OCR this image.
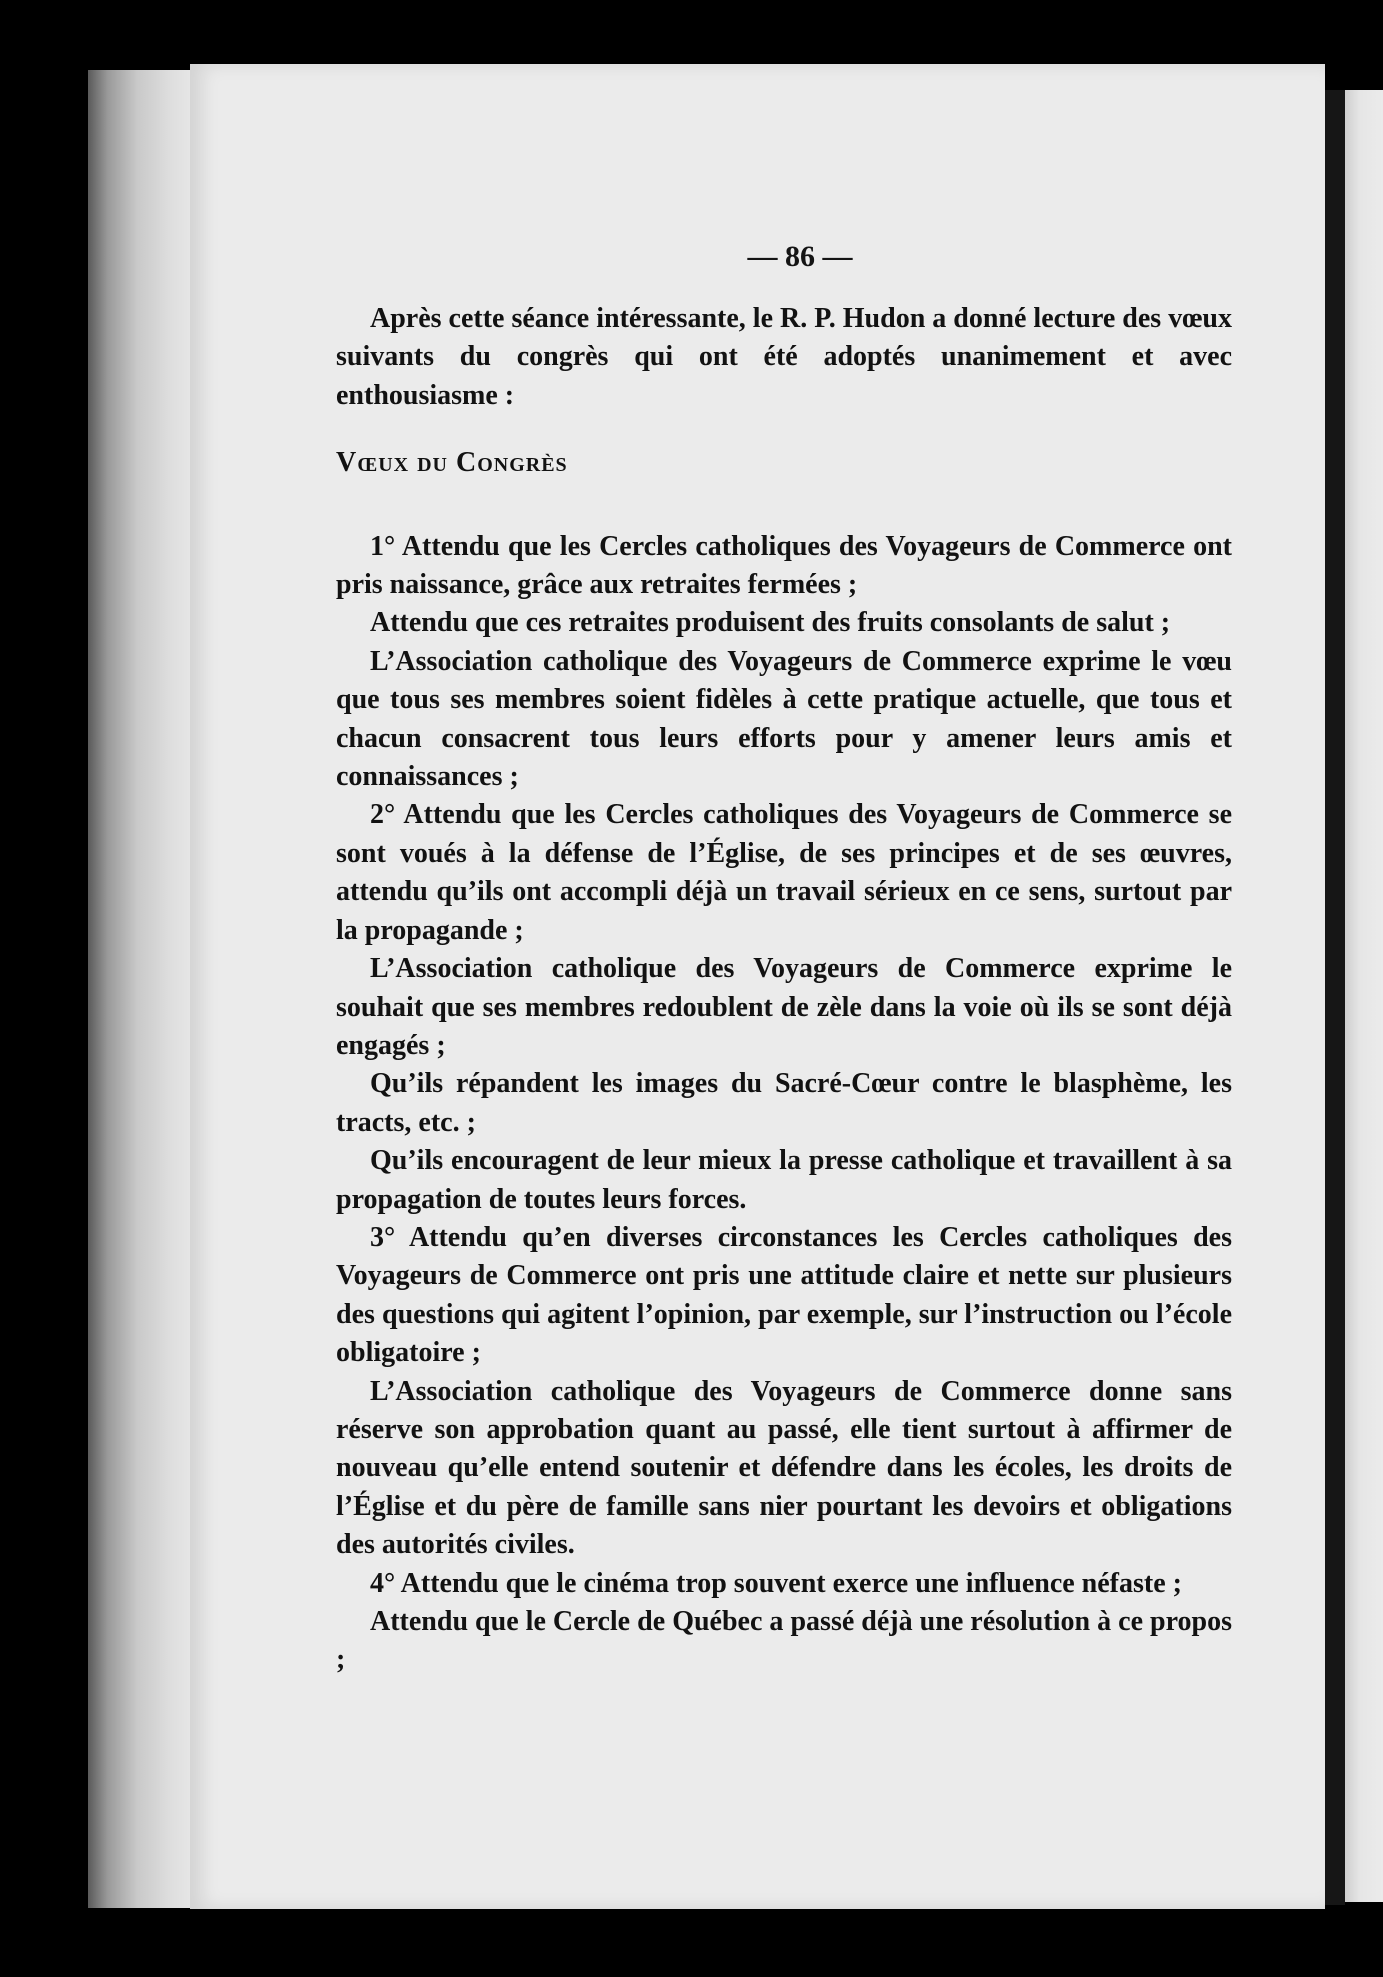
— 86 —

Après cette séance intéressante, le R. P. Hudon a donné lecture des vœux suivants du congrès qui ont été adoptés unanimement et avec enthousiasme :

Vœux du Congrès

1° Attendu que les Cercles catholiques des Voyageurs de Commerce ont pris naissance, grâce aux retraites fermées ;

Attendu que ces retraites produisent des fruits consolants de salut ;

L’Association catholique des Voyageurs de Commerce exprime le vœu que tous ses membres soient fidèles à cette pratique actuelle, que tous et chacun consacrent tous leurs efforts pour y amener leurs amis et connaissances ;

2° Attendu que les Cercles catholiques des Voyageurs de Commerce se sont voués à la défense de l’Église, de ses principes et de ses œuvres, attendu qu’ils ont accompli déjà un travail sérieux en ce sens, surtout par la propagande ;

L’Association catholique des Voyageurs de Commerce exprime le souhait que ses membres redoublent de zèle dans la voie où ils se sont déjà engagés ;

Qu’ils répandent les images du Sacré-Cœur contre le blasphème, les tracts, etc. ;

Qu’ils encouragent de leur mieux la presse catholique et travaillent à sa propagation de toutes leurs forces.

3° Attendu qu’en diverses circonstances les Cercles catholiques des Voyageurs de Commerce ont pris une attitude claire et nette sur plusieurs des questions qui agitent l’opinion, par exemple, sur l’instruction ou l’école obligatoire ;

L’Association catholique des Voyageurs de Commerce donne sans réserve son approbation quant au passé, elle tient surtout à affirmer de nouveau qu’elle entend soutenir et défendre dans les écoles, les droits de l’Église et du père de famille sans nier pourtant les devoirs et obligations des autorités civiles.

4° Attendu que le cinéma trop souvent exerce une influence néfaste ;

Attendu que le Cercle de Québec a passé déjà une résolution à ce propos ;
